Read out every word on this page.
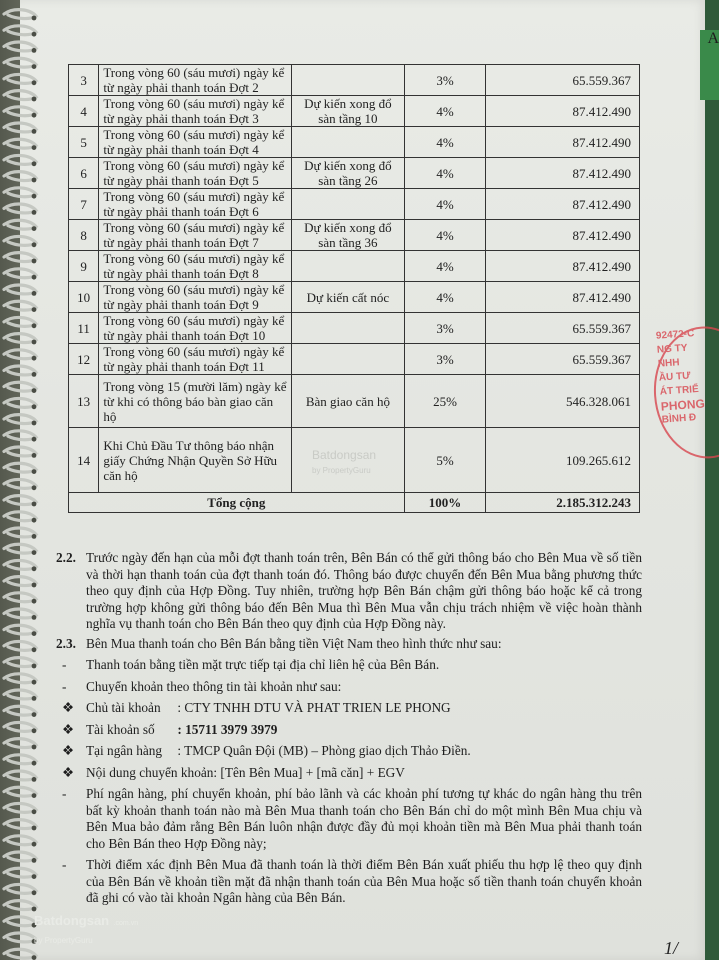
A
3	Trong vòng 60 (sáu mươi) ngày kể từ ngày phải thanh toán Đợt 2		3%	65.559.367
4	Trong vòng 60 (sáu mươi) ngày kể từ ngày phải thanh toán Đợt 3	Dự kiến xong đổ sàn tầng 10	4%	87.412.490
5	Trong vòng 60 (sáu mươi) ngày kể từ ngày phải thanh toán Đợt 4		4%	87.412.490
6	Trong vòng 60 (sáu mươi) ngày kể từ ngày phải thanh toán Đợt 5	Dự kiến xong đổ sàn tầng 26	4%	87.412.490
7	Trong vòng 60 (sáu mươi) ngày kể từ ngày phải thanh toán Đợt 6		4%	87.412.490
8	Trong vòng 60 (sáu mươi) ngày kể từ ngày phải thanh toán Đợt 7	Dự kiến xong đổ sàn tầng 36	4%	87.412.490
9	Trong vòng 60 (sáu mươi) ngày kể từ ngày phải thanh toán Đợt 8		4%	87.412.490
10	Trong vòng 60 (sáu mươi) ngày kể từ ngày phải thanh toán Đợt 9	Dự kiến cất nóc	4%	87.412.490
11	Trong vòng 60 (sáu mươi) ngày kể từ ngày phải thanh toán Đợt 10		3%	65.559.367
12	Trong vòng 60 (sáu mươi) ngày kể từ ngày phải thanh toán Đợt 11		3%	65.559.367
13	Trong vòng 15 (mười lăm) ngày kể từ khi có thông báo bàn giao căn hộ	Bàn giao căn hộ	25%	546.328.061
14	Khi Chủ Đầu Tư thông báo nhận giấy Chứng Nhận Quyền Sở Hữu căn hộ		5%	109.265.612
Tổng cộng			100%	2.185.312.243
Batdongsan
by PropertyGuru
92472-C
NG TY
NHH
ẦU TƯ
ÁT TRIỂ
PHONG
BÌNH Đ
2.2. Trước ngày đến hạn của mỗi đợt thanh toán trên, Bên Bán có thể gửi thông báo cho Bên Mua về số tiền và thời hạn thanh toán của đợt thanh toán đó. Thông báo được chuyển đến Bên Mua bằng phương thức theo quy định của Hợp Đồng. Tuy nhiên, trường hợp Bên Bán chậm gửi thông báo hoặc kể cả trong trường hợp không gửi thông báo đến Bên Mua thì Bên Mua vẫn chịu trách nhiệm về việc hoàn thành nghĩa vụ thanh toán cho Bên Bán theo quy định của Hợp Đồng này.
2.3. Bên Mua thanh toán cho Bên Bán bằng tiền Việt Nam theo hình thức như sau:
- Thanh toán bằng tiền mặt trực tiếp tại địa chỉ liên hệ của Bên Bán.
- Chuyển khoản theo thông tin tài khoản như sau:
❖ Chủ tài khoản : CTY TNHH DTU VÀ PHAT TRIEN LE PHONG
❖ Tài khoản số : 15711 3979 3979
❖ Tại ngân hàng : TMCP Quân Đội (MB) – Phòng giao dịch Thảo Điền.
❖ Nội dung chuyển khoản: [Tên Bên Mua] + [mã căn] + EGV
- Phí ngân hàng, phí chuyển khoản, phí bảo lãnh và các khoản phí tương tự khác do ngân hàng thu trên bất kỳ khoản thanh toán nào mà Bên Mua thanh toán cho Bên Bán chỉ do một mình Bên Mua chịu và Bên Mua bảo đảm rằng Bên Bán luôn nhận được đầy đủ mọi khoản tiền mà Bên Mua phải thanh toán cho Bên Bán theo Hợp Đồng này;
- Thời điểm xác định Bên Mua đã thanh toán là thời điểm Bên Bán xuất phiếu thu hợp lệ theo quy định của Bên Bán về khoản tiền mặt đã nhận thanh toán của Bên Mua hoặc số tiền thanh toán chuyển khoản đã ghi có vào tài khoản Ngân hàng của Bên Bán.
Batdongsan .com.vn
by PropertyGuru	1/
